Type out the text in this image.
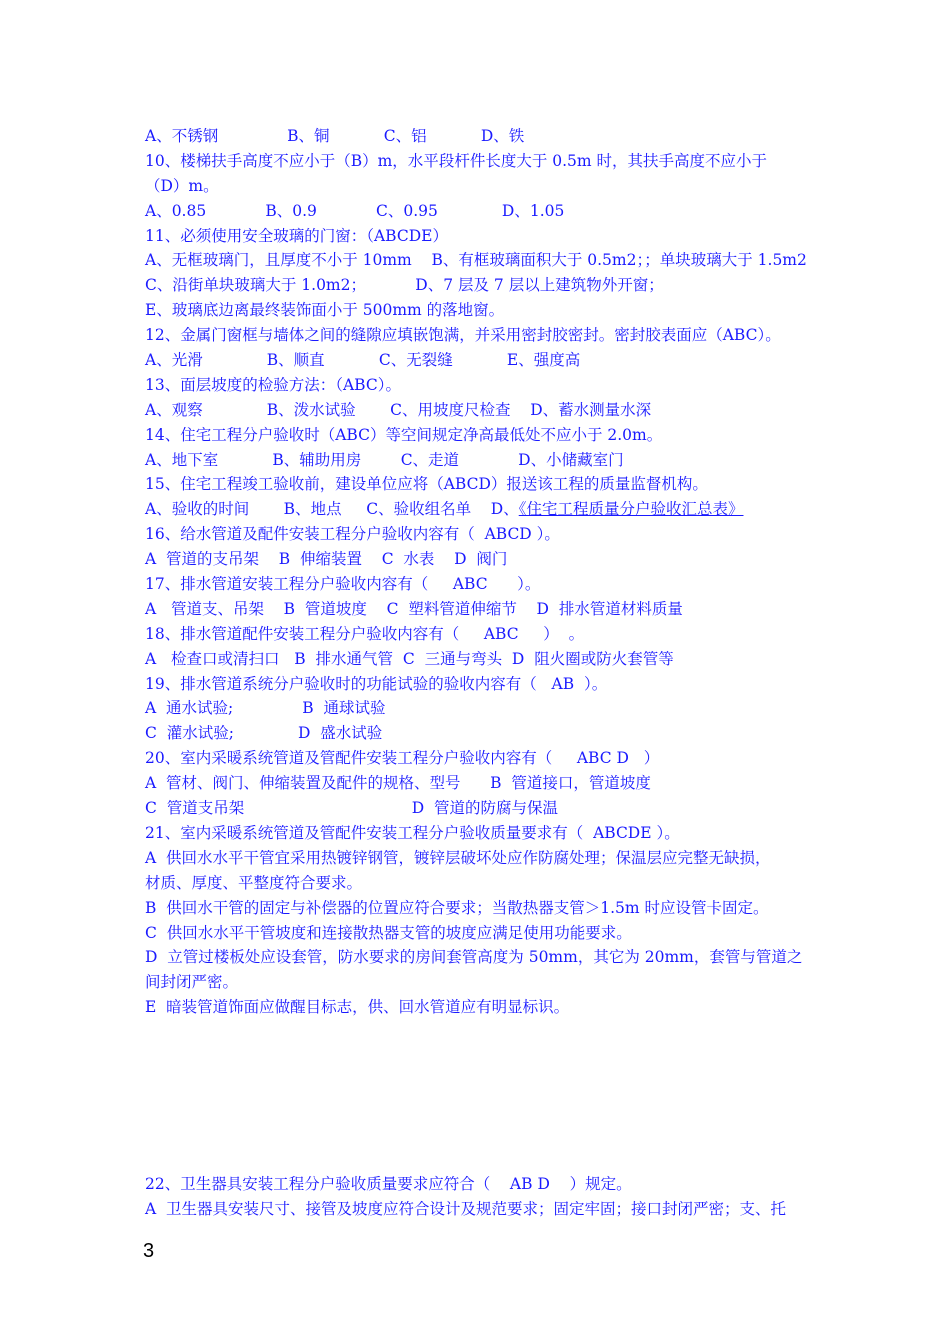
A、不锈钢              B、铜           C、铝           D、铁
10、楼梯扶手高度不应小于（B）m，水平段杆件长度大于 0.5m 时，其扶手高度不应小于
（D）m。
A、0.85            B、0.9            C、0.95             D、1.05
11、必须使用安全玻璃的门窗：（ABCDE）
A、无框玻璃门，且厚度不小于 10mm    B、有框玻璃面积大于 0.5m2；；单块玻璃大于 1.5m2
C、沿街单块玻璃大于 1.0m2；          D、7 层及 7 层以上建筑物外开窗；
E、玻璃底边离最终装饰面小于 500mm 的落地窗。
12、金属门窗框与墙体之间的缝隙应填嵌饱满，并采用密封胶密封。密封胶表面应（ABC）。
A、光滑             B、顺直           C、无裂缝           E、强度高
13、面层坡度的检验方法：（ABC）。
A、观察             B、泼水试验       C、用坡度尺检查    D、蓄水测量水深
14、住宅工程分户验收时（ABC）等空间规定净高最低处不应小于 2.0m。
A、地下室           B、辅助用房        C、走道            D、小储藏室门
15、住宅工程竣工验收前，建设单位应将（ABCD）报送该工程的质量监督机构。
A、验收的时间       B、地点     C、验收组名单    D、《住宅工程质量分户验收汇总表》
16、给水管道及配件安装工程分户验收内容有（  ABCD ）。
A  管道的支吊架    B  伸缩装置    C  水表    D  阀门
17、排水管道安装工程分户验收内容有（     ABC      ）。
A   管道支、吊架    B  管道坡度    C  塑料管道伸缩节    D  排水管道材料质量
18、排水管道配件安装工程分户验收内容有（     ABC     ）  。
A   检查口或清扫口   B  排水通气管  C  三通与弯头  D  阻火圈或防火套管等
19、排水管道系统分户验收时的功能试验的验收内容有（   AB  ）。
A  通水试验;              B  通球试验
C  灌水试验;             D  盛水试验
20、室内采暖系统管道及管配件安装工程分户验收内容有（     ABC D   ）
A  管材、阀门、伸缩装置及配件的规格、型号      B  管道接口，管道坡度
C  管道支吊架                                  D  管道的防腐与保温
21、室内采暖系统管道及管配件安装工程分户验收质量要求有（  ABCDE ）。
A  供回水水平干管宜采用热镀锌钢管，镀锌层破坏处应作防腐处理；保温层应完整无缺损，
材质、厚度、平整度符合要求。
B  供回水干管的固定与补偿器的位置应符合要求；当散热器支管＞1.5m 时应设管卡固定。
C  供回水水平干管坡度和连接散热器支管的坡度应满足使用功能要求。
D  立管过楼板处应设套管，防水要求的房间套管高度为 50mm，其它为 20mm，套管与管道之
间封闭严密。
E  暗装管道饰面应做醒目标志，供、回水管道应有明显标识。
22、卫生器具安装工程分户验收质量要求应符合（    AB D    ）规定。
A  卫生器具安装尺寸、接管及坡度应符合设计及规范要求；固定牢固；接口封闭严密；支、托
3
